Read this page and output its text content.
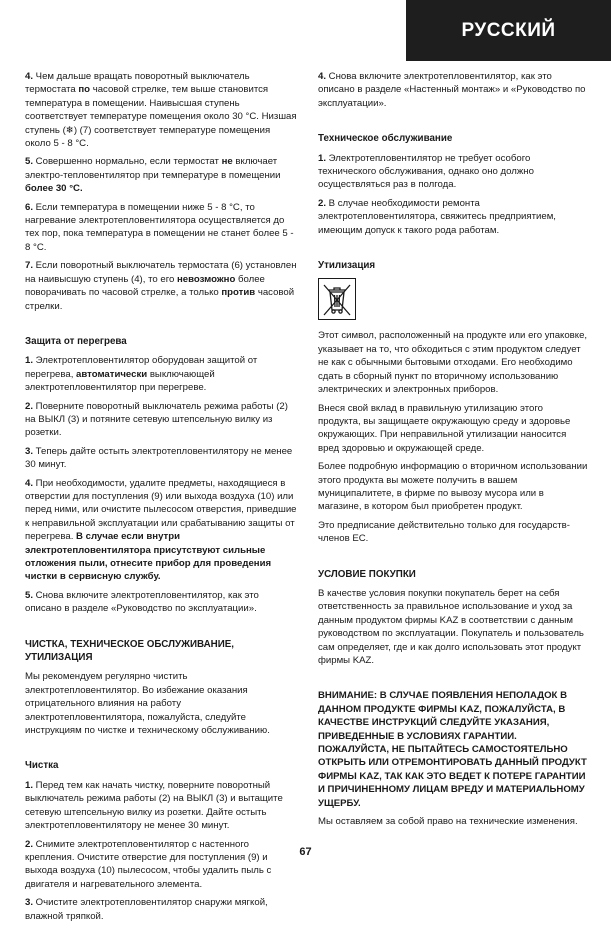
РУССКИЙ

4. Чем дальше вращать поворотный выключатель термостата по часовой стрелке, тем выше становится температура в помещении. Наивысшая ступень соответствует температуре помещения около 30 °С. Низшая ступень (❄) (7) соответствует температуре помещения около 5 - 8 °С.

5. Совершенно нормально, если термостат не включает электро-тепловентилятор при температуре в помещении более 30 °С.

6. Если температура в помещении ниже 5 - 8 °С, то нагревание электротепловентилятора осуществляется до тех пор, пока температура в помещении не станет более 5 - 8 °С.

7. Если поворотный выключатель термостата (6) установлен на наивысшую ступень (4), то его невозможно более поворачивать по часовой стрелке, а только против часовой стрелки.

Защита от перегрева

1. Электротепловентилятор оборудован защитой от перегрева, автоматически выключающей электротепловентилятор при перегреве.

2. Поверните поворотный выключатель режима работы (2) на ВЫКЛ (3) и потяните сетевую штепсельную вилку из розетки.

3. Теперь дайте остыть электротепловентилятору не менее 30 минут.

4. При необходимости, удалите предметы, находящиеся в отверстии для поступления (9) или выхода воздуха (10) или перед ними, или очистите пылесосом отверстия, приведшие к неправильной эксплуатации или срабатыванию защиты от перегрева. В случае если внутри электротепловентилятора присутствуют сильные отложения пыли, отнесите прибор для проведения чистки в сервисную службу.

5. Снова включите электротепловентилятор, как это описано в разделе «Руководство по эксплуатации».

ЧИСТКА, ТЕХНИЧЕСКОЕ ОБСЛУЖИВАНИЕ, УТИЛИЗАЦИЯ

Мы рекомендуем регулярно чистить электротепловентилятор. Во избежание оказания отрицательного влияния на работу электротепловентилятора, пожалуйста, следуйте инструкциям по чистке и техническому обслуживанию.

Чистка

1. Перед тем как начать чистку, поверните поворотный выключатель режима работы (2) на ВЫКЛ (3) и вытащите сетевую штепсельную вилку из розетки. Дайте остыть электротепловентилятору не менее 30 минут.

2. Снимите электротепловентилятор с настенного крепления. Очистите отверстие для поступления (9) и выхода воздуха (10) пылесосом, чтобы удалить пыль с двигателя и нагревательного элемента.

3. Очистите электротепловентилятор снаружи мягкой, влажной тряпкой.

4. Снова включите электротепловентилятор, как это описано в разделе «Настенный монтаж» и «Руководство по эксплуатации».

Техническое обслуживание

1. Электротепловентилятор не требует особого технического обслуживания, однако оно должно осуществляться раз в полгода.

2. В случае необходимости ремонта электротепловентилятора, свяжитесь предприятием, имеющим допуск к такого рода работам.

Утилизация

Этот символ, расположенный на продукте или его упаковке, указывает на то, что обходиться с этим продуктом следует не как с обычными бытовыми отходами. Его необходимо сдать в сборный пункт по вторичному использованию электрических и электронных приборов.

Внеся свой вклад в правильную утилизацию этого продукта, вы защищаете окружающую среду и здоровье окружающих. При неправильной утилизации наносится вред здоровью и окружающей среде.

Более подробную информацию о вторичном использовании этого продукта вы можете получить в вашем муниципалитете, в фирме по вывозу мусора или в магазине, в котором был приобретен продукт.

Это предписание действительно только для государств-членов ЕС.

УСЛОВИЕ ПОКУПКИ

В качестве условия покупки покупатель берет на себя ответственность за правильное использование и уход за данным продуктом фирмы KAZ в соответствии с данным руководством по эксплуатации. Покупатель и пользователь сам определяет, где и как долго использовать этот продукт фирмы KAZ.

ВНИМАНИЕ: В СЛУЧАЕ ПОЯВЛЕНИЯ НЕПОЛАДОК В ДАННОМ ПРОДУКТЕ ФИРМЫ KAZ, ПОЖАЛУЙСТА, В КАЧЕСТВЕ ИНСТРУКЦИЙ СЛЕДУЙТЕ УКАЗАНИЯ, ПРИВЕДЕННЫЕ В УСЛОВИЯХ ГАРАНТИИ. ПОЖАЛУЙСТА, НЕ ПЫТАЙТЕСЬ САМОСТОЯТЕЛЬНО ОТКРЫТЬ ИЛИ ОТРЕМОНТИРОВАТЬ ДАННЫЙ ПРОДУКТ ФИРМЫ KAZ, ТАК КАК ЭТО ВЕДЕТ К ПОТЕРЕ ГАРАНТИИ И ПРИЧИНЕННОМУ ЛИЦАМ ВРЕДУ И МАТЕРИАЛЬНОМУ УЩЕРБУ.

Мы оставляем за собой право на технические изменения.

67
